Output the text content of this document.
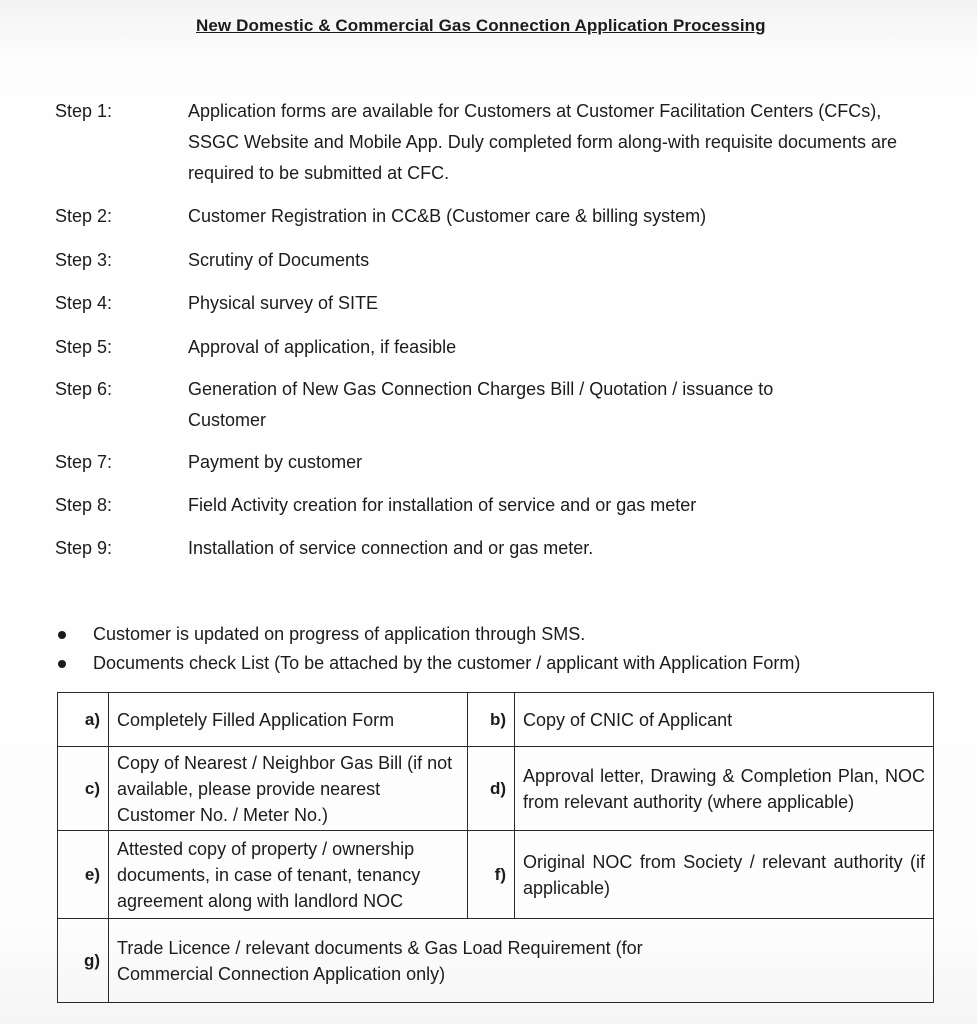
New Domestic & Commercial Gas Connection Application Processing
Step 1:	Application forms are available for Customers at Customer Facilitation Centers (CFCs), SSGC Website and Mobile App. Duly completed form along-with requisite documents are required to be submitted at CFC.
Step 2:	Customer Registration in CC&B (Customer care & billing system)
Step 3:	Scrutiny of Documents
Step 4:	Physical survey of SITE
Step 5:	Approval of application, if feasible
Step 6:	Generation of New Gas Connection Charges Bill / Quotation / issuance to Customer
Step 7:	Payment by customer
Step 8:	Field Activity creation for installation of service and or gas meter
Step 9:	Installation of service connection and or gas meter.
Customer is updated on progress of application through SMS.
Documents check List (To be attached by the customer / applicant with Application Form)
a)	Completely Filled Application Form	b)	Copy of CNIC of Applicant
c)	Copy of Nearest / Neighbor Gas Bill (if not available, please provide nearest Customer No. / Meter No.)	d)	Approval letter, Drawing & Completion Plan, NOC from relevant authority (where applicable)
e)	Attested copy of property / ownership documents, in case of tenant, tenancy agreement along with landlord NOC	f)	Original NOC from Society / relevant authority (if applicable)
g)	Trade Licence / relevant documents & Gas Load Requirement (for Commercial Connection Application only)		
